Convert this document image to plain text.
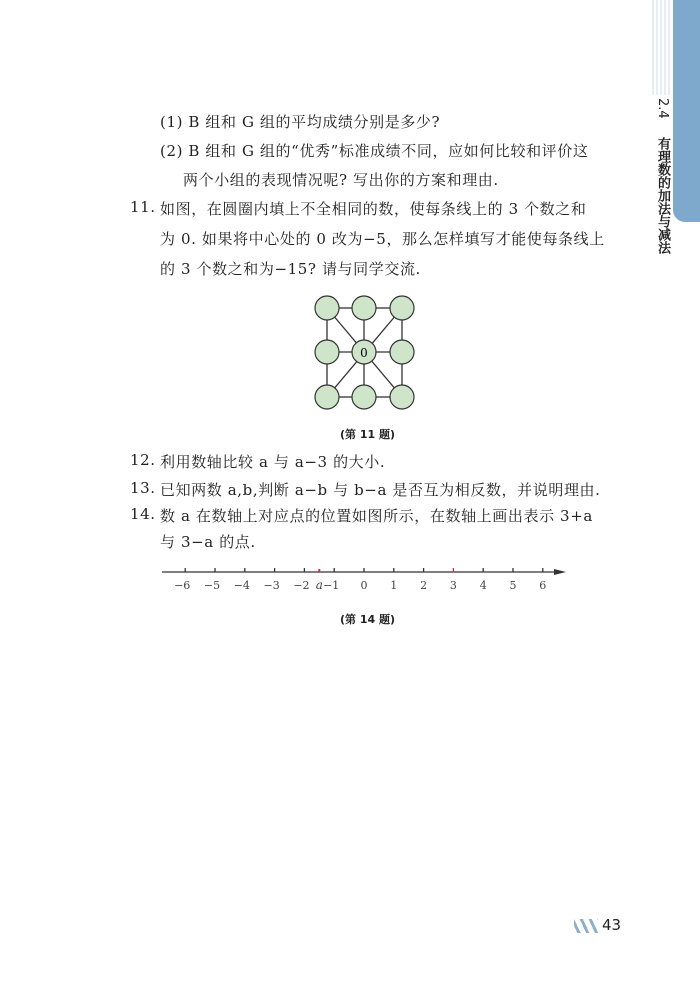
2.4 有理数的加法与减法
(1) B 组和 G 组的平均成绩分别是多少?
(2) B 组和 G 组的“优秀”标准成绩不同，应如何比较和评价这
两个小组的表现情况呢? 写出你的方案和理由.
11. 如图，在圆圈内填上不全相同的数，使每条线上的 3 个数之和
为 0. 如果将中心处的 0 改为−5，那么怎样填写才能使每条线上
的 3 个数之和为−15? 请与同学交流.
0
(第 11 题)
12. 利用数轴比较 a 与 a−3 的大小.
13. 已知两数 a,b,判断 a−b 与 b−a 是否互为相反数，并说明理由.
14. 数 a 在数轴上对应点的位置如图所示，在数轴上画出表示 3+a
与 3−a 的点.
−6 −5 −4 −3 −2 −1 0 1 2 3 4 5 6
a
(第 14 题)
43
